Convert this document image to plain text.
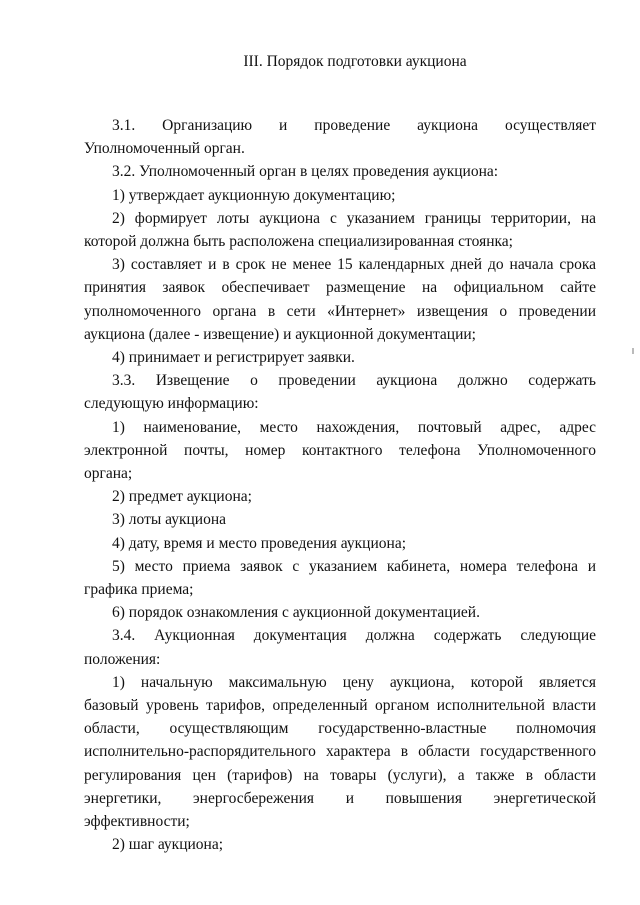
III. Порядок подготовки аукциона

3.1. Организацию и проведение аукциона осуществляет
Уполномоченный орган.

3.2. Уполномоченный орган в целях проведения аукциона:

1) утверждает аукционную документацию;

2) формирует лоты аукциона с указанием границы территории, на
которой должна быть расположена специализированная стоянка;

3) составляет и в срок не менее 15 календарных дней до начала срока
принятия заявок обеспечивает размещение на официальном сайте
уполномоченного органа в сети «Интернет» извещения о проведении
аукциона (далее - извещение) и аукционной документации;

4) принимает и регистрирует заявки.

3.3. Извещение о проведении аукциона должно содержать
следующую информацию:

1) наименование, место нахождения, почтовый адрес, адрес
электронной почты, номер контактного телефона Уполномоченного
органа;

2) предмет аукциона;

3) лоты аукциона

4) дату, время и место проведения аукциона;

5) место приема заявок с указанием кабинета, номера телефона и
графика приема;

6) порядок ознакомления с аукционной документацией.

3.4. Аукционная документация должна содержать следующие
положения:

1) начальную максимальную цену аукциона, которой является
базовый уровень тарифов, определенный органом исполнительной власти
области, осуществляющим государственно-властные полномочия
исполнительно-распорядительного характера в области государственного
регулирования цен (тарифов) на товары (услуги), а также в области
энергетики, энергосбережения и повышения энергетической
эффективности;

2) шаг аукциона;
